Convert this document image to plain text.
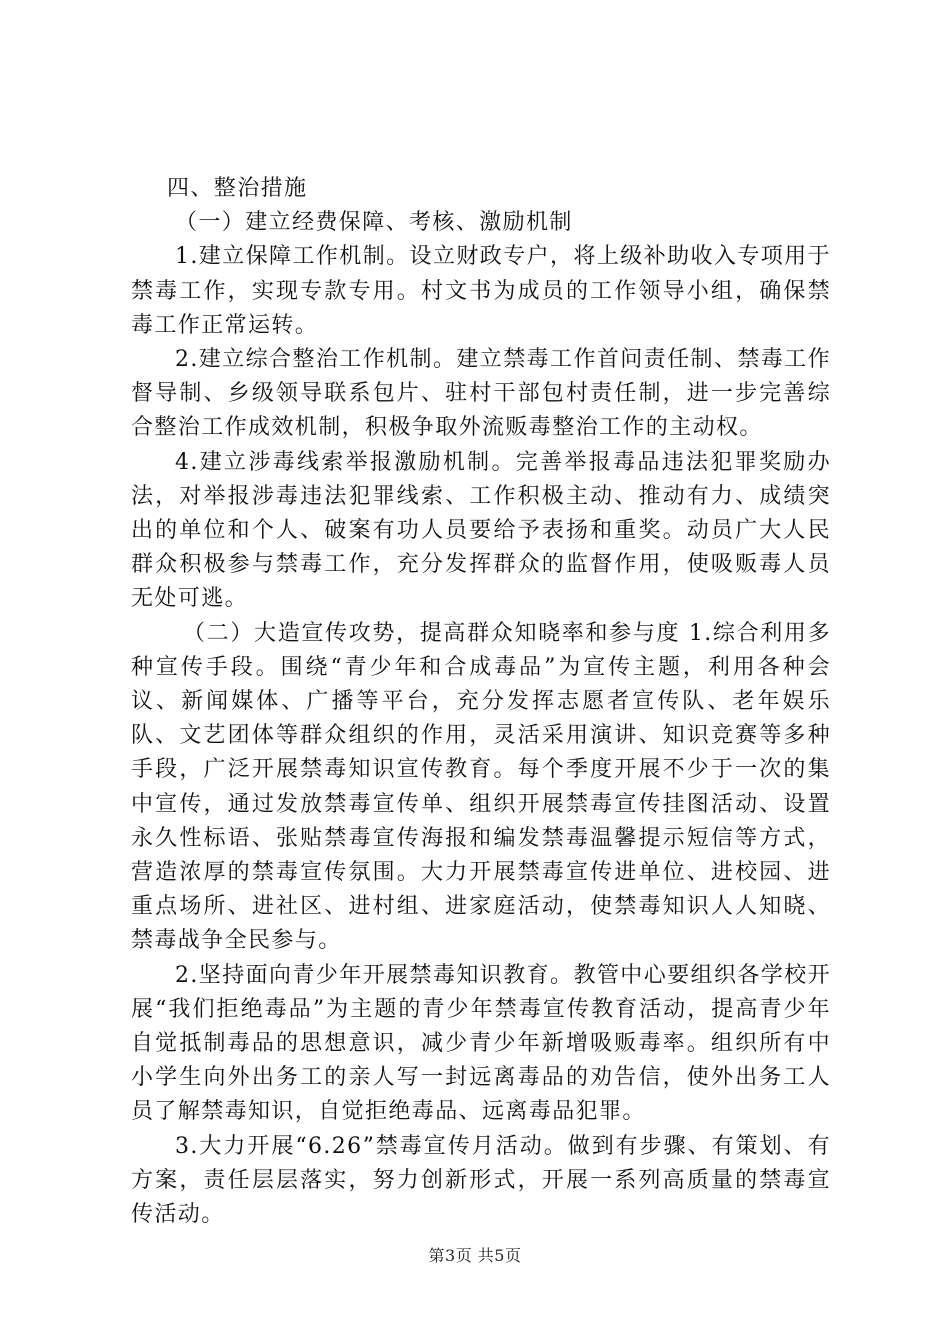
四、整治措施

（一）建立经费保障、考核、激励机制

1.建立保障工作机制。设立财政专户，将上级补助收入专项用于禁毒工作，实现专款专用。村文书为成员的工作领导小组，确保禁毒工作正常运转。

2.建立综合整治工作机制。建立禁毒工作首问责任制、禁毒工作督导制、乡级领导联系包片、驻村干部包村责任制，进一步完善综合整治工作成效机制，积极争取外流贩毒整治工作的主动权。

4.建立涉毒线索举报激励机制。完善举报毒品违法犯罪奖励办法，对举报涉毒违法犯罪线索、工作积极主动、推动有力、成绩突出的单位和个人、破案有功人员要给予表扬和重奖。动员广大人民群众积极参与禁毒工作，充分发挥群众的监督作用，使吸贩毒人员无处可逃。

（二）大造宣传攻势，提高群众知晓率和参与度 1.综合利用多种宣传手段。围绕“青少年和合成毒品”为宣传主题，利用各种会议、新闻媒体、广播等平台，充分发挥志愿者宣传队、老年娱乐队、文艺团体等群众组织的作用，灵活采用演讲、知识竞赛等多种手段，广泛开展禁毒知识宣传教育。每个季度开展不少于一次的集中宣传，通过发放禁毒宣传单、组织开展禁毒宣传挂图活动、设置永久性标语、张贴禁毒宣传海报和编发禁毒温馨提示短信等方式，营造浓厚的禁毒宣传氛围。大力开展禁毒宣传进单位、进校园、进重点场所、进社区、进村组、进家庭活动，使禁毒知识人人知晓、禁毒战争全民参与。

2.坚持面向青少年开展禁毒知识教育。教管中心要组织各学校开展“我们拒绝毒品”为主题的青少年禁毒宣传教育活动，提高青少年自觉抵制毒品的思想意识，减少青少年新增吸贩毒率。组织所有中小学生向外出务工的亲人写一封远离毒品的劝告信，使外出务工人员了解禁毒知识，自觉拒绝毒品、远离毒品犯罪。

3.大力开展“6.26”禁毒宣传月活动。做到有步骤、有策划、有方案，责任层层落实，努力创新形式，开展一系列高质量的禁毒宣传活动。

第3页 共5页
